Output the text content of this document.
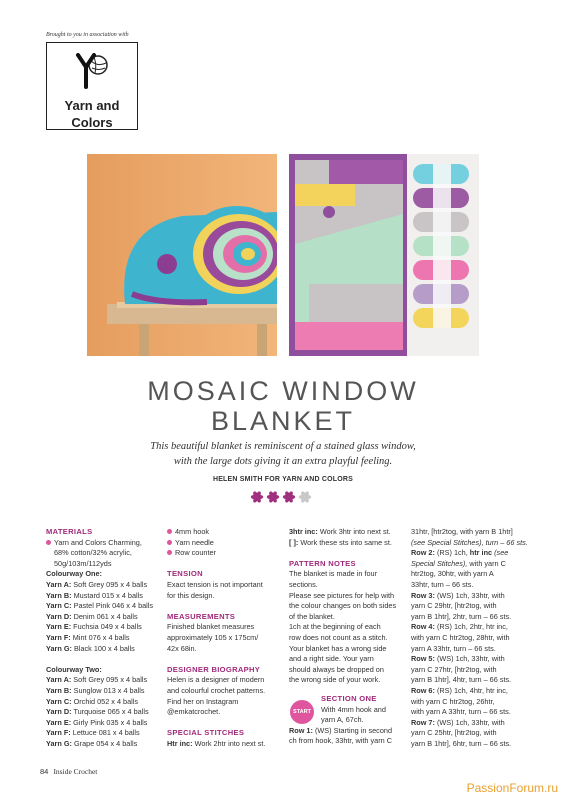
Brought to you in association with
Yarn and
Colors
MOSAIC WINDOW
BLANKET
This beautiful blanket is reminiscent of a stained glass window,
with the large dots giving it an extra playful feeling.
HELEN SMITH FOR YARN AND COLORS

MATERIALS

Yarn and Colors Charming,

68% cotton/32% acrylic,

50g/103m/112yds

Colourway One:

Yarn A: Soft Grey 095 x 4 balls

Yarn B: Mustard 015 x 4 balls

Yarn C: Pastel Pink 046 x 4 balls

Yarn D: Denim 061 x 4 balls

Yarn E: Fuchsia 049 x 4 balls

Yarn F: Mint 076 x 4 balls

Yarn G: Black 100 x 4 balls

Colourway Two:

Yarn A: Soft Grey 095 x 4 balls

Yarn B: Sunglow 013 x 4 balls

Yarn C: Orchid 052 x 4 balls

Yarn D: Turquoise 065 x 4 balls

Yarn E: Girly Pink 035 x 4 balls

Yarn F: Lettuce 081 x 4 balls

Yarn G: Grape 054 x 4 balls

4mm hook

Yarn needle

Row counter

TENSION

Exact tension is not important

for this design.

MEASUREMENTS

Finished blanket measures

approximately 105 x 175cm/

42x 68in.

DESIGNER BIOGRAPHY

Helen is a designer of modern

and colourful crochet patterns.

Find her on Instagram

@emkatcrochet.

SPECIAL STITCHES

Htr inc: Work 2htr into next st.

3htr inc: Work 3htr into next st.

[ ]: Work these sts into same st.

PATTERN NOTES

The blanket is made in four

sections.

Please see pictures for help with

the colour changes on both sides

of the blanket.

1ch at the beginning of each

row does not count as a stitch.

Your blanket has a wrong side

and a right side. Your yarn

should always be dropped on

the wrong side of your work.

SECTION ONE

With 4mm hook and

yarn A, 67ch.

Row 1: (WS) Starting in second

ch from hook, 33htr, with yarn C

START

31htr, [htr2tog, with yarn B 1htr]

(see Special Stitches), turn – 66 sts.

Row 2: (RS) 1ch, htr inc (see

Special Stitches), with yarn C

htr2tog, 30htr, with yarn A

33htr, turn – 66 sts.

Row 3: (WS) 1ch, 33htr, with

yarn C 29htr, [htr2tog, with

yarn B 1htr], 2htr, turn – 66 sts.

Row 4: (RS) 1ch, 2htr, htr inc,

with yarn C htr2tog, 28htr, with

yarn A 33htr, turn – 66 sts.

Row 5: (WS) 1ch, 33htr, with

yarn C 27htr, [htr2tog, with

yarn B 1htr], 4htr, turn – 66 sts.

Row 6: (RS) 1ch, 4htr, htr inc,

with yarn C htr2tog, 26htr,

with yarn A 33htr, turn – 66 sts.

Row 7: (WS) 1ch, 33htr, with

yarn C 25htr, [htr2tog, with

yarn B 1htr], 6htr, turn – 66 sts.

84 Inside Crochet
PassionForum.ru
